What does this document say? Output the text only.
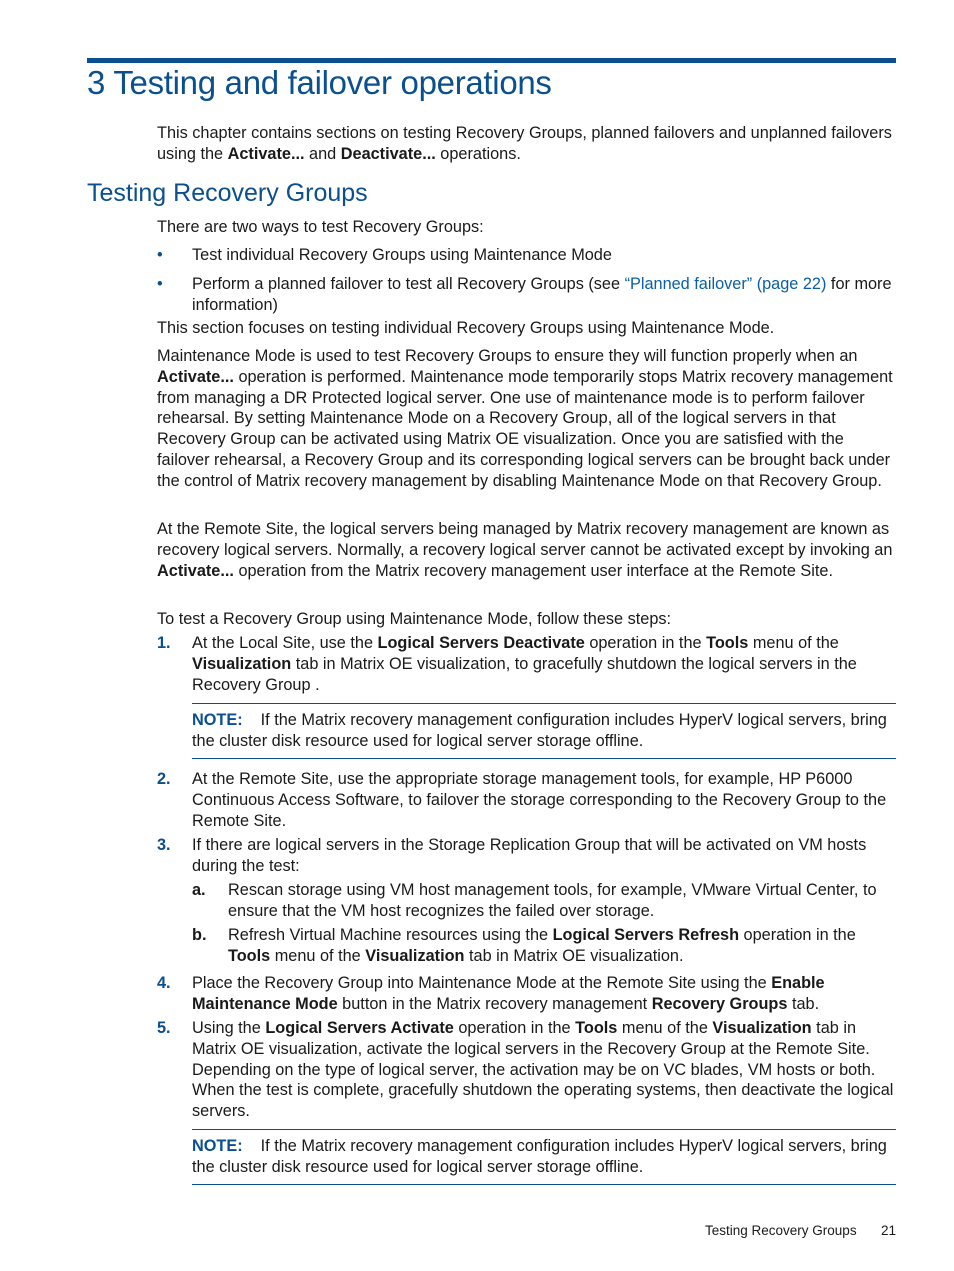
3 Testing and failover operations

This chapter contains sections on testing Recovery Groups, planned failovers and unplanned failovers using the Activate... and Deactivate... operations.

Testing Recovery Groups

There are two ways to test Recovery Groups:

• Test individual Recovery Groups using Maintenance Mode
• Perform a planned failover to test all Recovery Groups (see “Planned failover” (page 22) for more information)

This section focuses on testing individual Recovery Groups using Maintenance Mode.

Maintenance Mode is used to test Recovery Groups to ensure they will function properly when an Activate... operation is performed. Maintenance mode temporarily stops Matrix recovery management from managing a DR Protected logical server. One use of maintenance mode is to perform failover rehearsal. By setting Maintenance Mode on a Recovery Group, all of the logical servers in that Recovery Group can be activated using Matrix OE visualization. Once you are satisfied with the failover rehearsal, a Recovery Group and its corresponding logical servers can be brought back under the control of Matrix recovery management by disabling Maintenance Mode on that Recovery Group.

At the Remote Site, the logical servers being managed by Matrix recovery management are known as recovery logical servers. Normally, a recovery logical server cannot be activated except by invoking an Activate... operation from the Matrix recovery management user interface at the Remote Site.

To test a Recovery Group using Maintenance Mode, follow these steps:

1. At the Local Site, use the Logical Servers Deactivate operation in the Tools menu of the Visualization tab in Matrix OE visualization, to gracefully shutdown the logical servers in the Recovery Group .
NOTE: If the Matrix recovery management configuration includes HyperV logical servers, bring the cluster disk resource used for logical server storage offline.
2. At the Remote Site, use the appropriate storage management tools, for example, HP P6000 Continuous Access Software, to failover the storage corresponding to the Recovery Group to the Remote Site.
3. If there are logical servers in the Storage Replication Group that will be activated on VM hosts during the test:
a. Rescan storage using VM host management tools, for example, VMware Virtual Center, to ensure that the VM host recognizes the failed over storage.
b. Refresh Virtual Machine resources using the Logical Servers Refresh operation in the Tools menu of the Visualization tab in Matrix OE visualization.
4. Place the Recovery Group into Maintenance Mode at the Remote Site using the Enable Maintenance Mode button in the Matrix recovery management Recovery Groups tab.
5. Using the Logical Servers Activate operation in the Tools menu of the Visualization tab in Matrix OE visualization, activate the logical servers in the Recovery Group at the Remote Site. Depending on the type of logical server, the activation may be on VC blades, VM hosts or both. When the test is complete, gracefully shutdown the operating systems, then deactivate the logical servers.
NOTE: If the Matrix recovery management configuration includes HyperV logical servers, bring the cluster disk resource used for logical server storage offline.
Testing Recovery Groups 21
